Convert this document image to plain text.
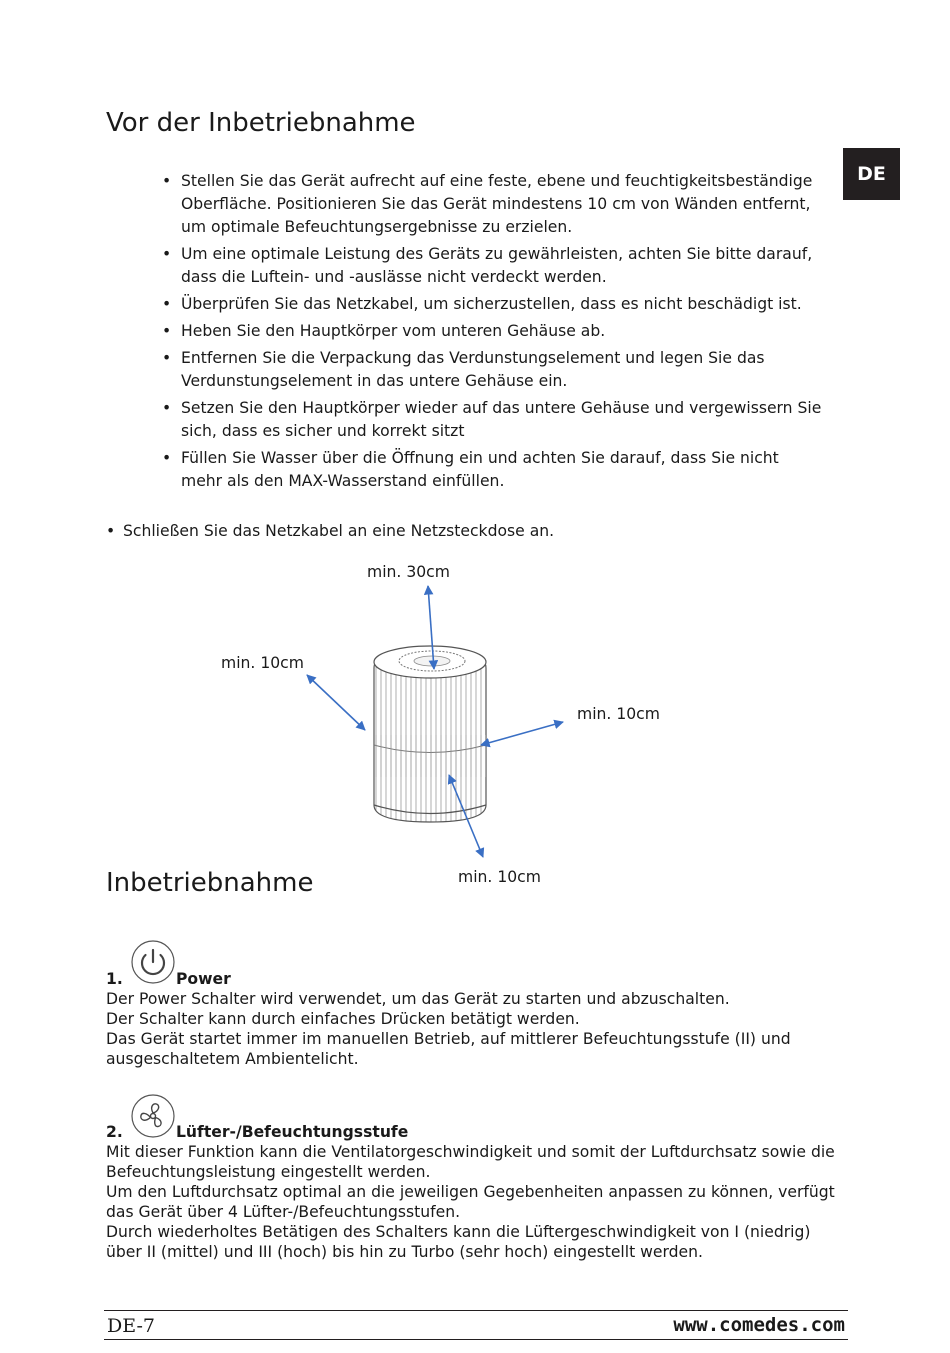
DE
Vor der Inbetriebnahme
• Stellen Sie das Gerät aufrecht auf eine feste, ebene und feuchtigkeitsbeständige Oberfläche. Positionieren Sie das Gerät mindestens 10 cm von Wänden entfernt, um optimale Befeuchtungsergebnisse zu erzielen.
• Um eine optimale Leistung des Geräts zu gewährleisten, achten Sie bitte darauf, dass die Luftein- und -auslässe nicht verdeckt werden.
• Überprüfen Sie das Netzkabel, um sicherzustellen, dass es nicht beschädigt ist.
• Heben Sie den Hauptkörper vom unteren Gehäuse ab.
• Entfernen Sie die Verpackung das Verdunstungselement und legen Sie das Verdunstungselement in das untere Gehäuse ein.
• Setzen Sie den Hauptkörper wieder auf das untere Gehäuse und vergewissern Sie sich, dass es sicher und korrekt sitzt
• Füllen Sie Wasser über die Öffnung ein und achten Sie darauf, dass Sie nicht mehr als den MAX-Wasserstand einfüllen.
• Schließen Sie das Netzkabel an eine Netzsteckdose an.
min. 30cm
min. 10cm
min. 10cm
min. 10cm
Inbetriebnahme
1.	Power

Der Power Schalter wird verwendet, um das Gerät zu starten und abzuschalten.

Der Schalter kann durch einfaches Drücken betätigt werden.

Das Gerät startet immer im manuellen Betrieb, auf mittlerer Befeuchtungsstufe (II) und ausgeschaltetem Ambientelicht.

2.	Lüfter-/Befeuchtungsstufe

Mit dieser Funktion kann die Ventilatorgeschwindigkeit und somit der Luftdurchsatz sowie die Befeuchtungsleistung eingestellt werden.

Um den Luftdurchsatz optimal an die jeweiligen Gegebenheiten anpassen zu können, verfügt das Gerät über 4 Lüfter-/Befeuchtungsstufen.

Durch wiederholtes Betätigen des Schalters kann die Lüftergeschwindigkeit von I (niedrig) über II (mittel) und III (hoch) bis hin zu Turbo (sehr hoch) eingestellt werden.

DE-7	www.comedes.com
